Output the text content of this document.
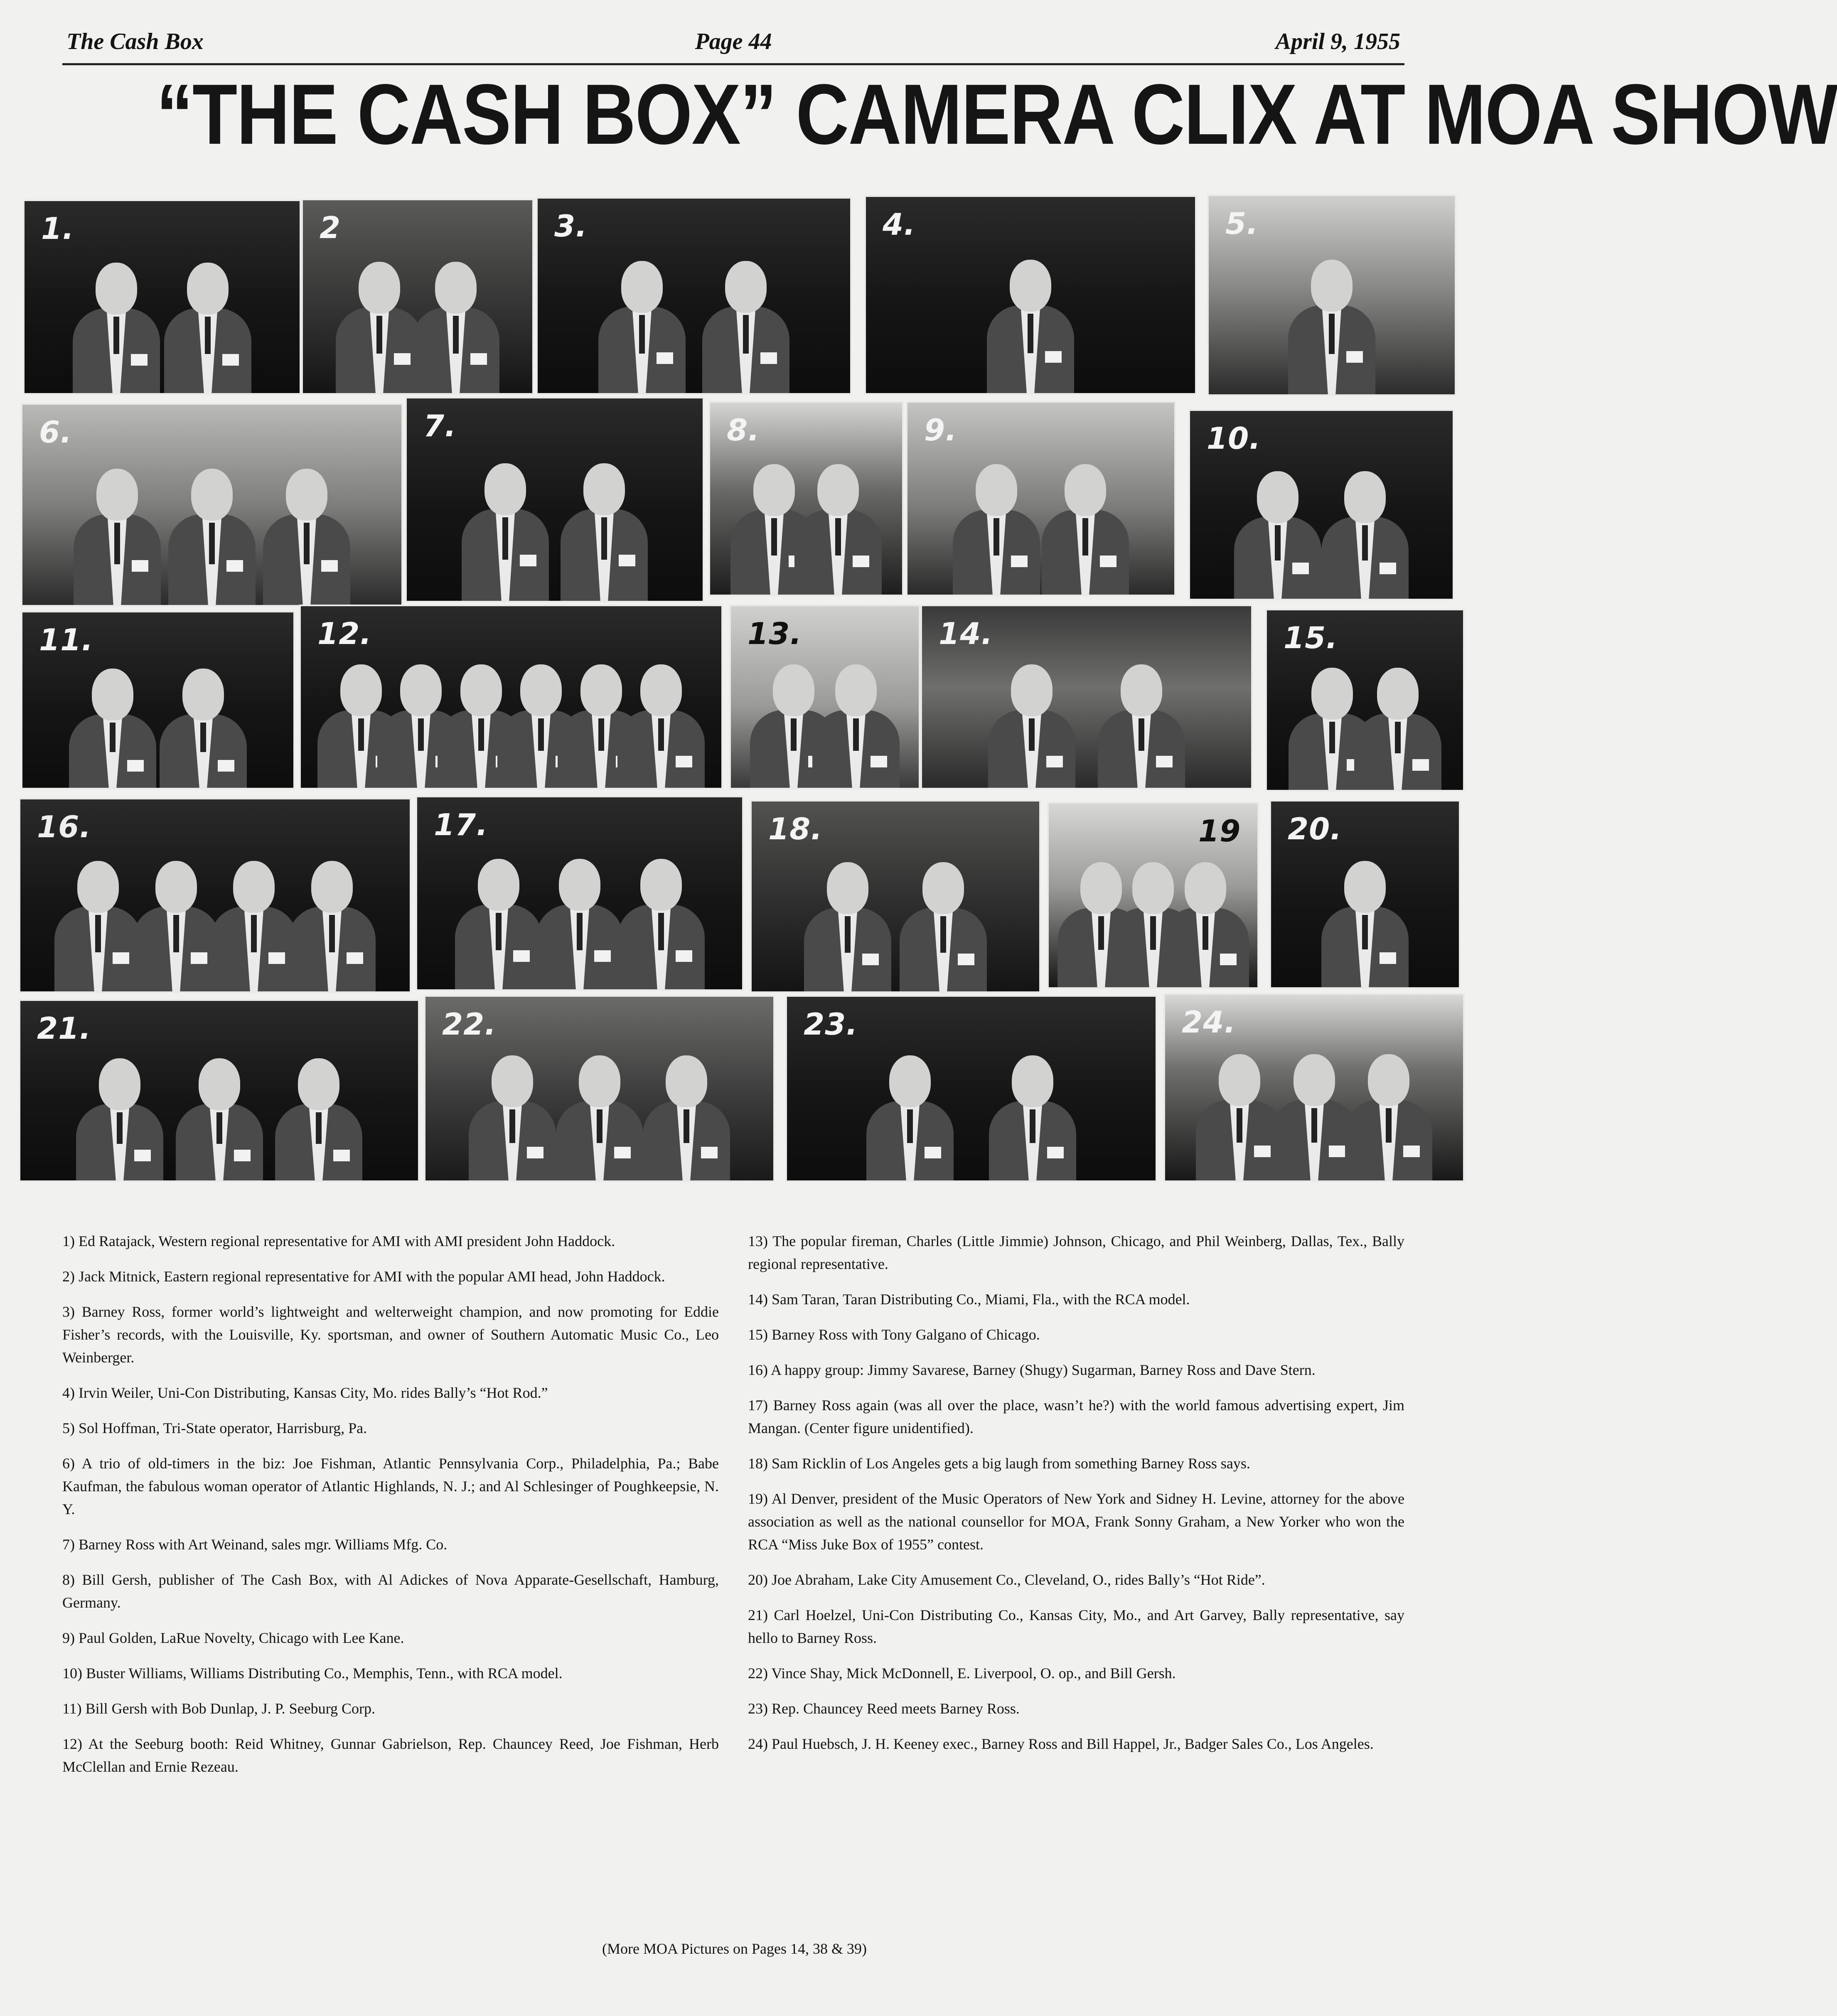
The Cash Box	Page 44	April 9, 1955
“THE CASH BOX” CAMERA CLIX AT MOA SHOW
1.	2	3.	4.	5.
6.	7.	8.	9.	10.
11.	12.	13.	14.	15.
16.	17.	18.	19 20.
21.	22.	23.	24.

1) Ed Ratajack, Western regional representative for AMI with AMI president John Haddock.

2) Jack Mitnick, Eastern regional representative for AMI with the popular AMI head, John Haddock.

3) Barney Ross, former world’s lightweight and welterweight champion, and now promoting for Eddie Fisher’s records, with the Louisville, Ky. sportsman, and owner of Southern Automatic Music Co., Leo Weinberger.

4) Irvin Weiler, Uni-Con Distributing, Kansas City, Mo. rides Bally’s “Hot Rod.”

5) Sol Hoffman, Tri-State operator, Harrisburg, Pa.

6) A trio of old-timers in the biz: Joe Fishman, Atlantic Pennsylvania Corp., Philadelphia, Pa.; Babe Kaufman, the fabulous woman operator of Atlantic Highlands, N. J.; and Al Schlesinger of Poughkeepsie, N. Y.

7) Barney Ross with Art Weinand, sales mgr. Williams Mfg. Co.

8) Bill Gersh, publisher of The Cash Box, with Al Adickes of Nova Apparate-Gesellschaft, Hamburg, Germany.

9) Paul Golden, LaRue Novelty, Chicago with Lee Kane.

10) Buster Williams, Williams Distributing Co., Memphis, Tenn., with RCA model.

11) Bill Gersh with Bob Dunlap, J. P. Seeburg Corp.

12) At the Seeburg booth: Reid Whitney, Gunnar Gabrielson, Rep. Chauncey Reed, Joe Fishman, Herb McClellan and Ernie Rezeau.

13) The popular fireman, Charles (Little Jimmie) Johnson, Chicago, and Phil Weinberg, Dallas, Tex., Bally regional representative.

14) Sam Taran, Taran Distributing Co., Miami, Fla., with the RCA model.

15) Barney Ross with Tony Galgano of Chicago.

16) A happy group: Jimmy Savarese, Barney (Shugy) Sugarman, Barney Ross and Dave Stern.

17) Barney Ross again (was all over the place, wasn’t he?) with the world famous advertising expert, Jim Mangan. (Center figure unidentified).

18) Sam Ricklin of Los Angeles gets a big laugh from something Barney Ross says.

19) Al Denver, president of the Music Operators of New York and Sidney H. Levine, attorney for the above association as well as the national counsellor for MOA, Frank Sonny Graham, a New Yorker who won the RCA “Miss Juke Box of 1955” contest.

20) Joe Abraham, Lake City Amusement Co., Cleveland, O., rides Bally’s “Hot Ride”.

21) Carl Hoelzel, Uni-Con Distributing Co., Kansas City, Mo., and Art Garvey, Bally representative, say hello to Barney Ross.

22) Vince Shay, Mick McDonnell, E. Liverpool, O. op., and Bill Gersh.

23) Rep. Chauncey Reed meets Barney Ross.

24) Paul Huebsch, J. H. Keeney exec., Barney Ross and Bill Happel, Jr., Badger Sales Co., Los Angeles.

(More MOA Pictures on Pages 14, 38 & 39)
